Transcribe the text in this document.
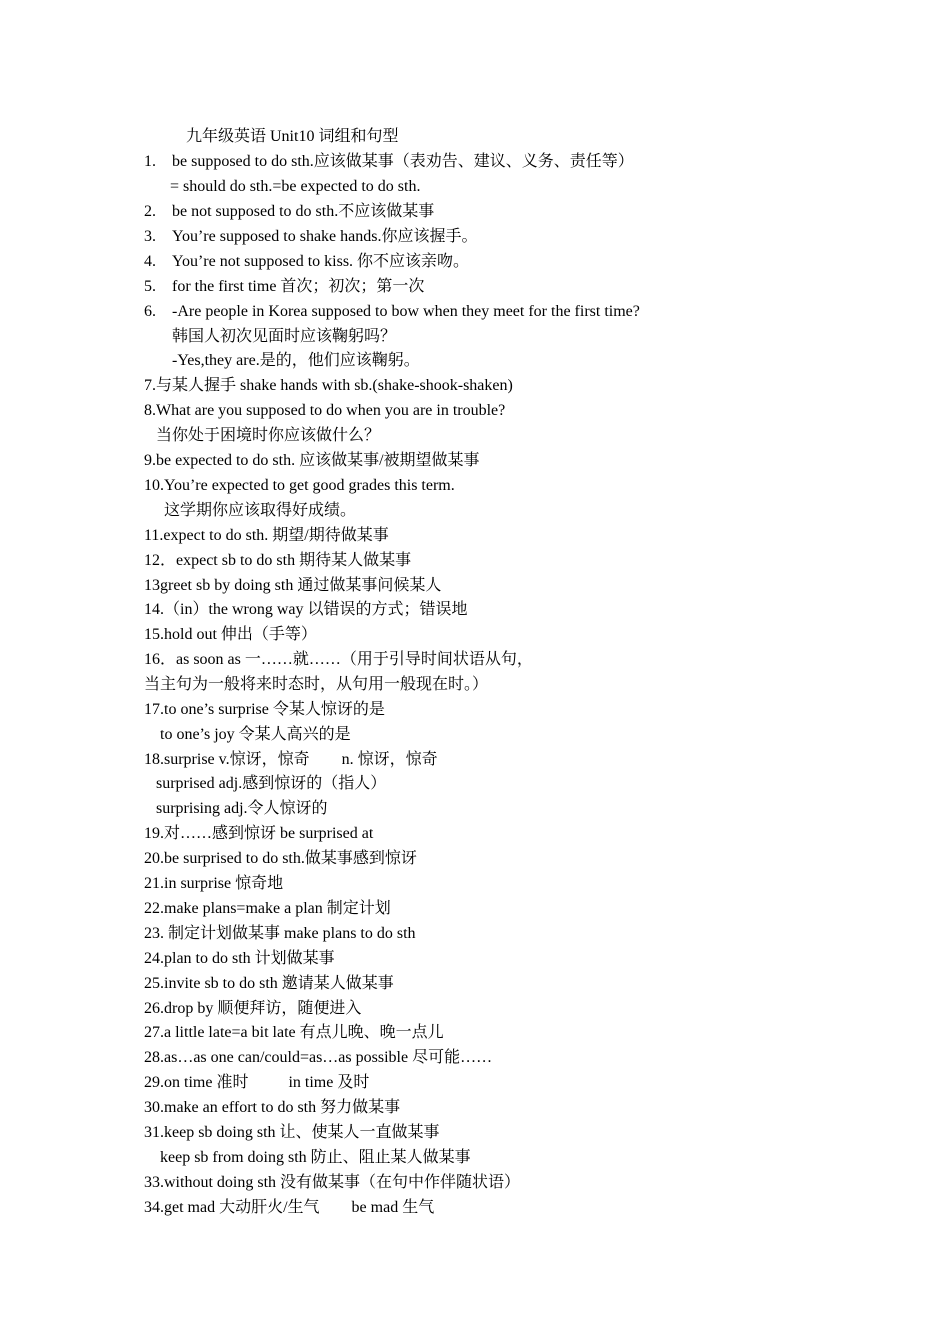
九年级英语 Unit10 词组和句型
1. be supposed to do sth.应该做某事（表劝告、建议、义务、责任等）
= should do sth.=be expected to do sth.
2. be not supposed to do sth.不应该做某事
3. You’re supposed to shake hands.你应该握手。
4. You’re not supposed to kiss. 你不应该亲吻。
5. for the first time 首次；初次；第一次
6. -Are people in Korea supposed to bow when they meet for the first time?
韩国人初次见面时应该鞠躬吗？
-Yes,they are.是的，他们应该鞠躬。
7.与某人握手 shake hands with sb.(shake-shook-shaken)
8.What are you supposed to do when you are in trouble?
当你处于困境时你应该做什么？
9.be expected to do sth. 应该做某事/被期望做某事
10.You’re expected to get good grades this term.
这学期你应该取得好成绩。
11.expect to do sth. 期望/期待做某事
12．expect sb to do sth 期待某人做某事
13greet sb by doing sth 通过做某事问候某人
14.（in）the wrong way 以错误的方式；错误地
15.hold out 伸出（手等）
16．as soon as 一……就……（用于引导时间状语从句，
当主句为一般将来时态时，从句用一般现在时。）
17.to one’s surprise 令某人惊讶的是
to one’s joy 令某人高兴的是
18.surprise v.惊讶，惊奇        n. 惊讶，惊奇
surprised adj.感到惊讶的（指人）
surprising adj.令人惊讶的
19.对……感到惊讶 be surprised at
20.be surprised to do sth.做某事感到惊讶
21.in surprise 惊奇地
22.make plans=make a plan 制定计划
23. 制定计划做某事 make plans to do sth
24.plan to do sth 计划做某事
25.invite sb to do sth 邀请某人做某事
26.drop by 顺便拜访，随便进入
27.a little late=a bit late 有点儿晚、晚一点儿
28.as…as one can/could=as…as possible 尽可能……
29.on time 准时          in time 及时
30.make an effort to do sth 努力做某事
31.keep sb doing sth 让、使某人一直做某事
keep sb from doing sth 防止、阻止某人做某事
33.without doing sth 没有做某事（在句中作伴随状语）
34.get mad 大动肝火/生气        be mad 生气
